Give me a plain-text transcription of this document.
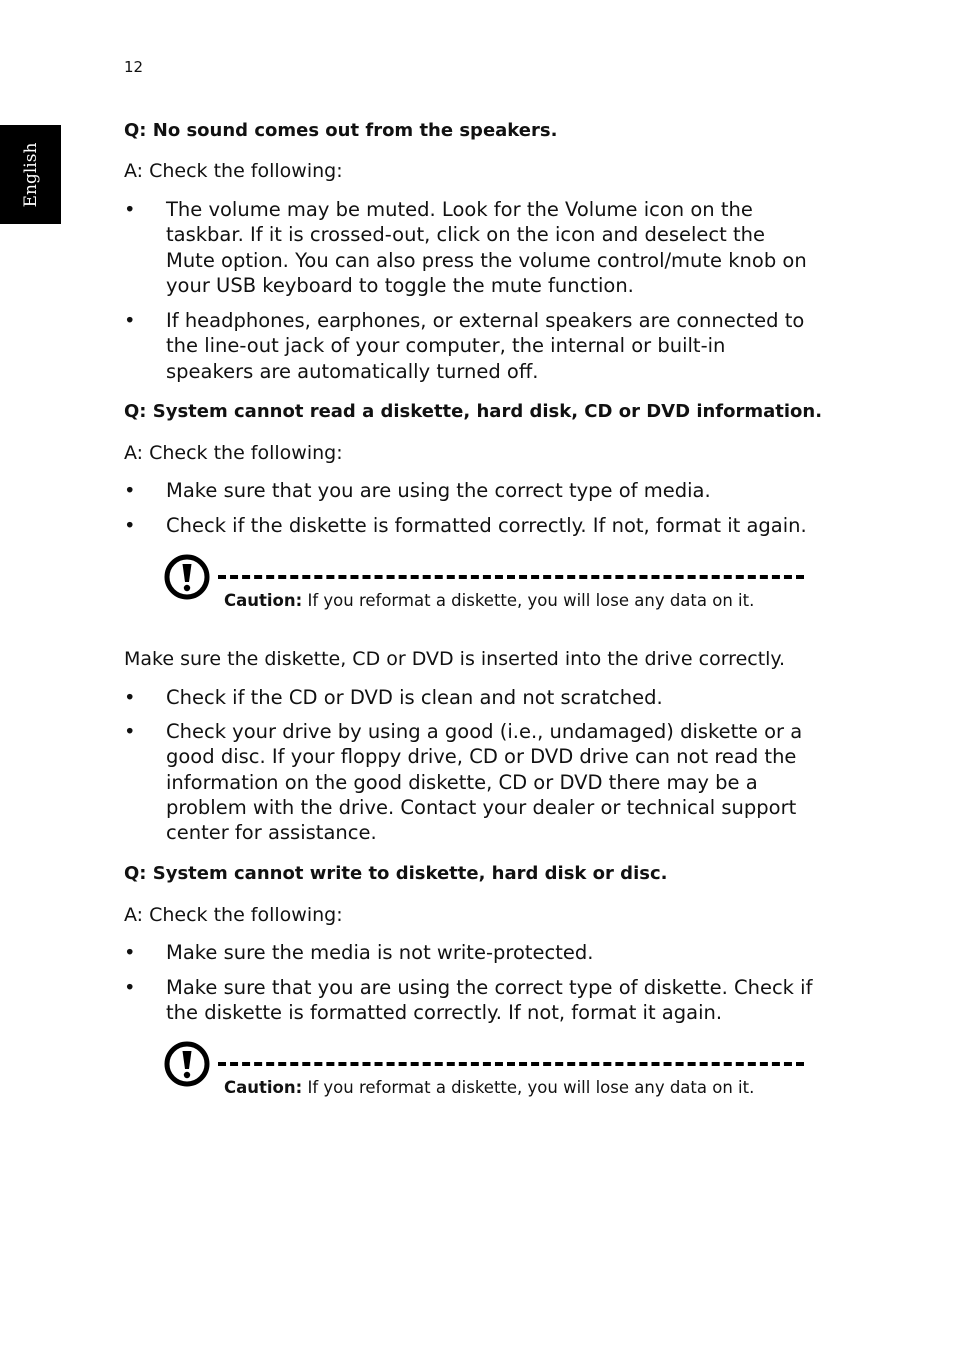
12
English
Q: No sound comes out from the speakers.
A: Check the following:
• The volume may be muted. Look for the Volume icon on the taskbar. If it is crossed-out, click on the icon and deselect the Mute option. You can also press the volume control/mute knob on your USB keyboard to toggle the mute function.
• If headphones, earphones, or external speakers are connected to the line-out jack of your computer, the internal or built-in speakers are automatically turned off.
Q: System cannot read a diskette, hard disk, CD or DVD information.
A: Check the following:
• Make sure that you are using the correct type of media.
• Check if the diskette is formatted correctly. If not, format it again.
Caution: If you reformat a diskette, you will lose any data on it.
Make sure the diskette, CD or DVD is inserted into the drive correctly.
• Check if the CD or DVD is clean and not scratched.
• Check your drive by using a good (i.e., undamaged) diskette or a good disc. If your floppy drive, CD or DVD drive can not read the information on the good diskette, CD or DVD there may be a problem with the drive. Contact your dealer or technical support center for assistance.
Q: System cannot write to diskette, hard disk or disc.
A: Check the following:
• Make sure the media is not write-protected.
• Make sure that you are using the correct type of diskette. Check if the diskette is formatted correctly. If not, format it again.
Caution: If you reformat a diskette, you will lose any data on it.
